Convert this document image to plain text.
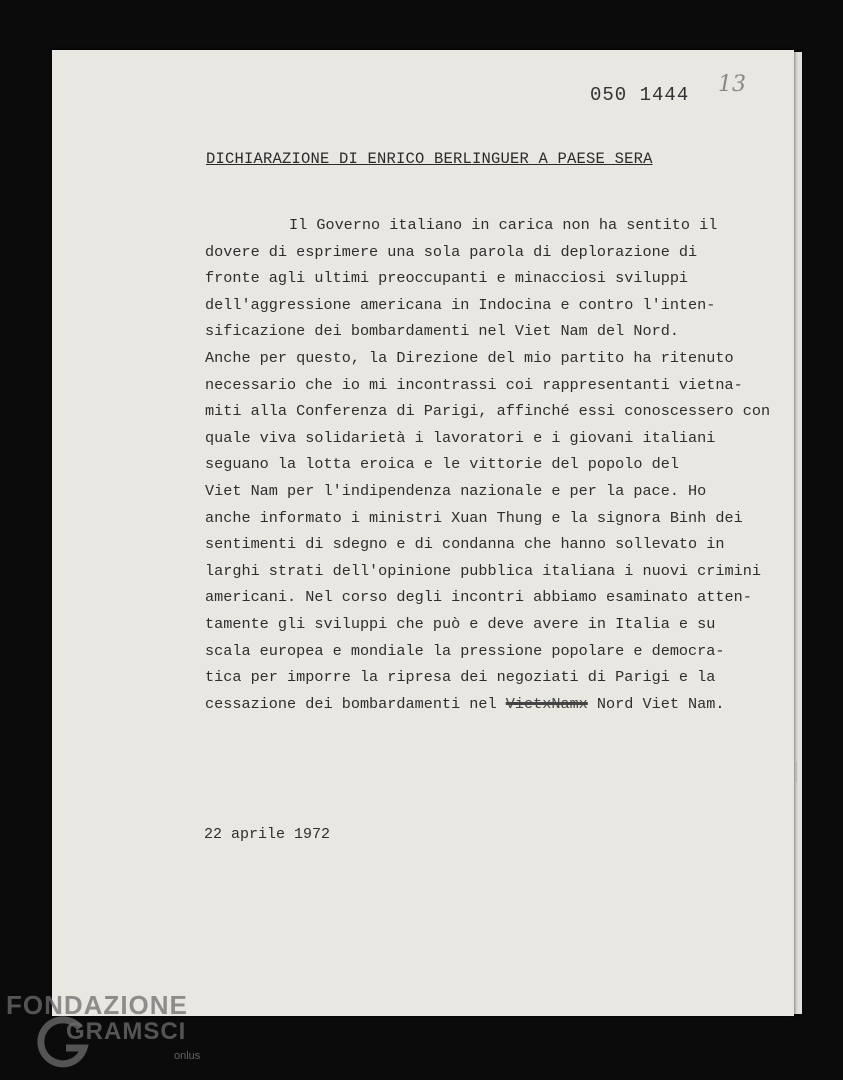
050 1444 13
DICHIARAZIONE DI ENRICO BERLINGUER A PAESE SERA
Il Governo italiano in carica non ha sentito il
dovere di esprimere una sola parola di deplorazione di
fronte agli ultimi preoccupanti e minacciosi sviluppi
dell'aggressione americana in Indocina e contro l'inten-
sificazione dei bombardamenti nel Viet Nam del Nord.
Anche per questo, la Direzione del mio partito ha ritenuto
necessario che io mi incontrassi coi rappresentanti vietna-
miti alla Conferenza di Parigi, affinché essi conoscessero con
quale viva solidarietà i lavoratori e i giovani italiani
seguano la lotta eroica e le vittorie del popolo del
Viet Nam per l'indipendenza nazionale e per la pace. Ho
anche informato i ministri Xuan Thung e la signora Binh dei
sentimenti di sdegno e di condanna che hanno sollevato in
larghi strati dell'opinione pubblica italiana i nuovi crimini
americani. Nel corso degli incontri abbiamo esaminato atten-
tamente gli sviluppi che può e deve avere in Italia e su
scala europea e mondiale la pressione popolare e democra-
tica per imporre la ripresa dei negoziati di Parigi e la
cessazione dei bombardamenti nel VietxNamx Nord Viet Nam.
22 aprile 1972
FONDAZIONE
GRAMSCI
onlus
